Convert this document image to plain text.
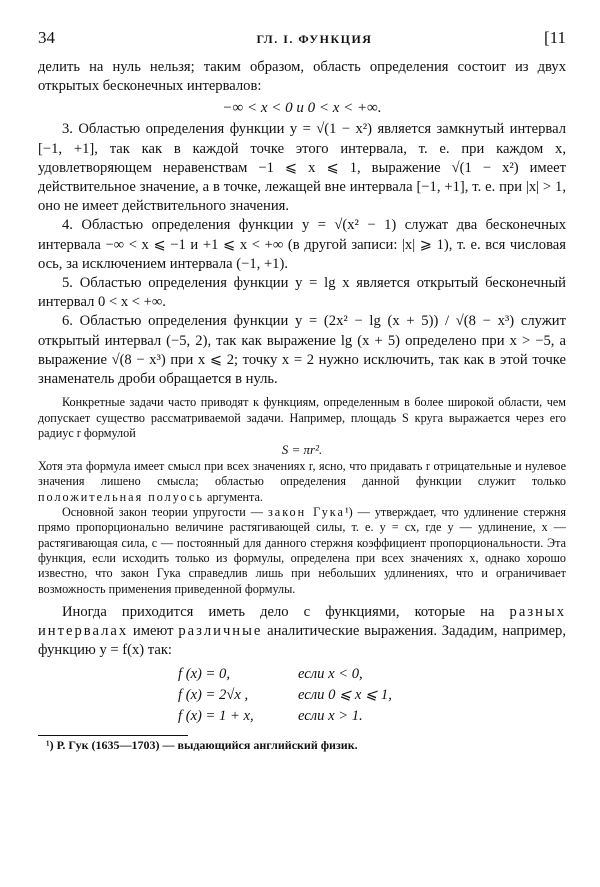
34	ГЛ. I. ФУНКЦИЯ	[11

делить на нуль нельзя; таким образом, область определения состоит из двух открытых бесконечных интервалов:

−∞ < x < 0 и 0 < x < +∞.

3. Областью определения функции y = √(1 − x²) является замкнутый интервал [−1, +1], так как в каждой точке этого интервала, т. е. при каждом x, удовлетворяющем неравенствам −1 ⩽ x ⩽ 1, выражение √(1 − x²) имеет действительное значение, а в точке, лежащей вне интервала [−1, +1], т. е. при |x| > 1, оно не имеет действительного значения.

4. Областью определения функции y = √(x² − 1) служат два бесконечных интервала −∞ < x ⩽ −1 и +1 ⩽ x < +∞ (в другой записи: |x| ⩾ 1), т. е. вся числовая ось, за исключением интервала (−1, +1).

5. Областью определения функции y = lg x является открытый бесконечный интервал 0 < x < +∞.

6. Областью определения функции y = (2x² − lg (x + 5)) / √(8 − x³) служит открытый интервал (−5, 2), так как выражение lg (x + 5) определено при x > −5, а выражение √(8 − x³) при x ⩽ 2; точку x = 2 нужно исключить, так как в этой точке знаменатель дроби обращается в нуль.

Конкретные задачи часто приводят к функциям, определенным в более широкой области, чем допускает существо рассматриваемой задачи. Например, площадь S круга выражается через его радиус r формулой

S = πr².

Хотя эта формула имеет смысл при всех значениях r, ясно, что придавать r отрицательные и нулевое значения лишено смысла; областью определения данной функции служит только положительная полуось аргумента.

Основной закон теории упругости — закон Гука¹) — утверждает, что удлинение стержня прямо пропорционально величине растягивающей силы, т. е. y = cx, где y — удлинение, x — растягивающая сила, c — постоянный для данного стержня коэффициент пропорциональности. Эта функция, если исходить только из формулы, определена при всех значениях x, однако хорошо известно, что закон Гука справедлив лишь при небольших удлинениях, что и ограничивает возможность применения приведенной формулы.

Иногда приходится иметь дело с функциями, которые на разных интервалах имеют различные аналитические выражения. Зададим, например, функцию y = f(x) так:

f (x) = 0,	если x < 0,
f (x) = 2√x ,	если 0 ⩽ x ⩽ 1,
f (x) = 1 + x,	если x > 1.
¹) Р. Гук (1635—1703) — выдающийся английский физик.
